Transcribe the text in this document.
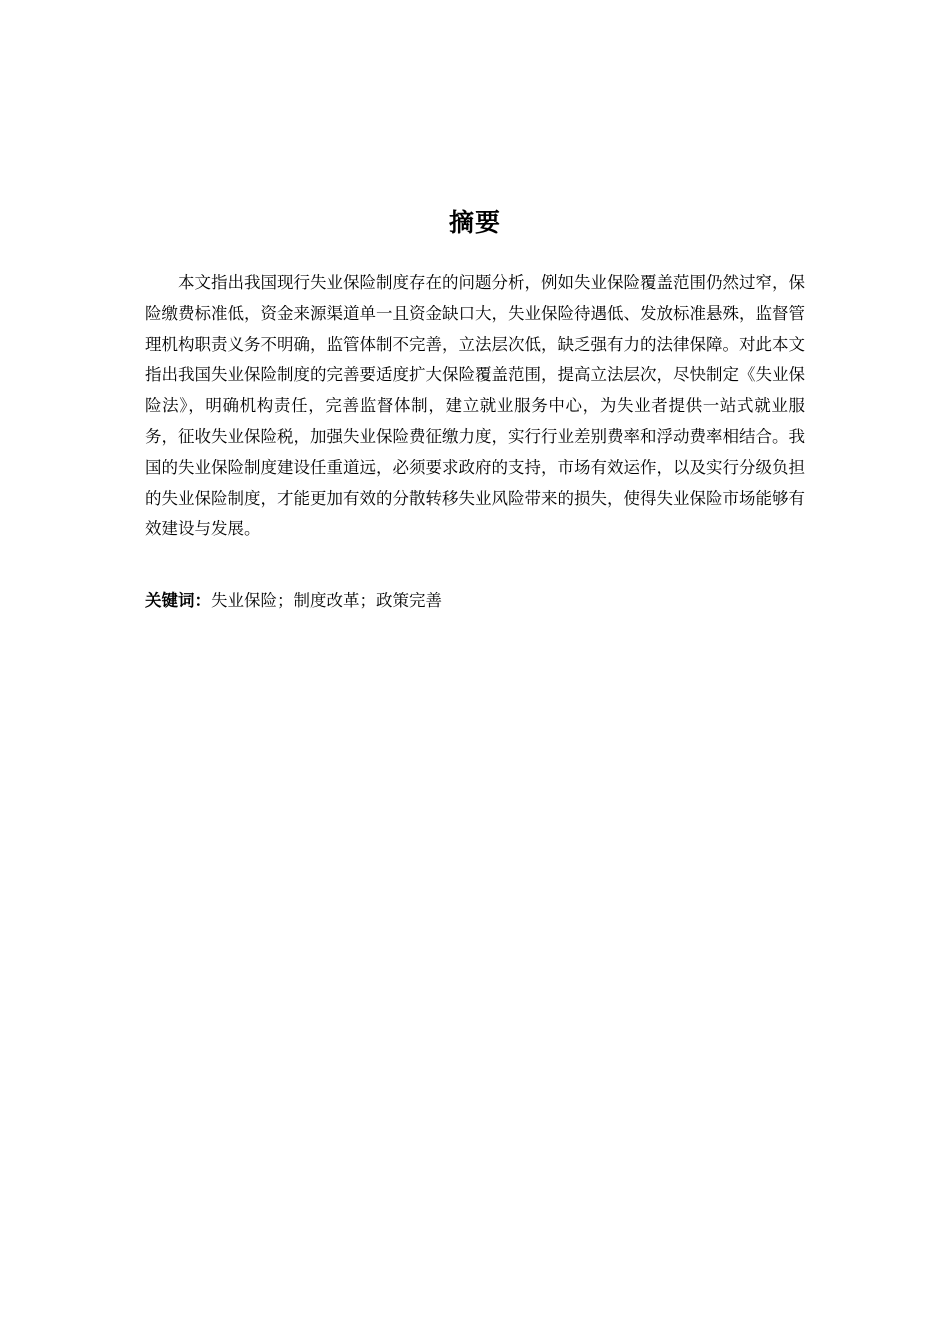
摘要

本文指出我国现行失业保险制度存在的问题分析，例如失业保险覆盖范围仍然过窄，保险缴费标准低，资金来源渠道单一且资金缺口大，失业保险待遇低、发放标准悬殊，监督管理机构职责义务不明确，监管体制不完善，立法层次低，缺乏强有力的法律保障。对此本文指出我国失业保险制度的完善要适度扩大保险覆盖范围，提高立法层次，尽快制定《失业保险法》，明确机构责任，完善监督体制，建立就业服务中心，为失业者提供一站式就业服务，征收失业保险税，加强失业保险费征缴力度，实行行业差别费率和浮动费率相结合。我国的失业保险制度建设任重道远，必须要求政府的支持，市场有效运作，以及实行分级负担的失业保险制度，才能更加有效的分散转移失业风险带来的损失，使得失业保险市场能够有效建设与发展。

关键词：失业保险；制度改革；政策完善
